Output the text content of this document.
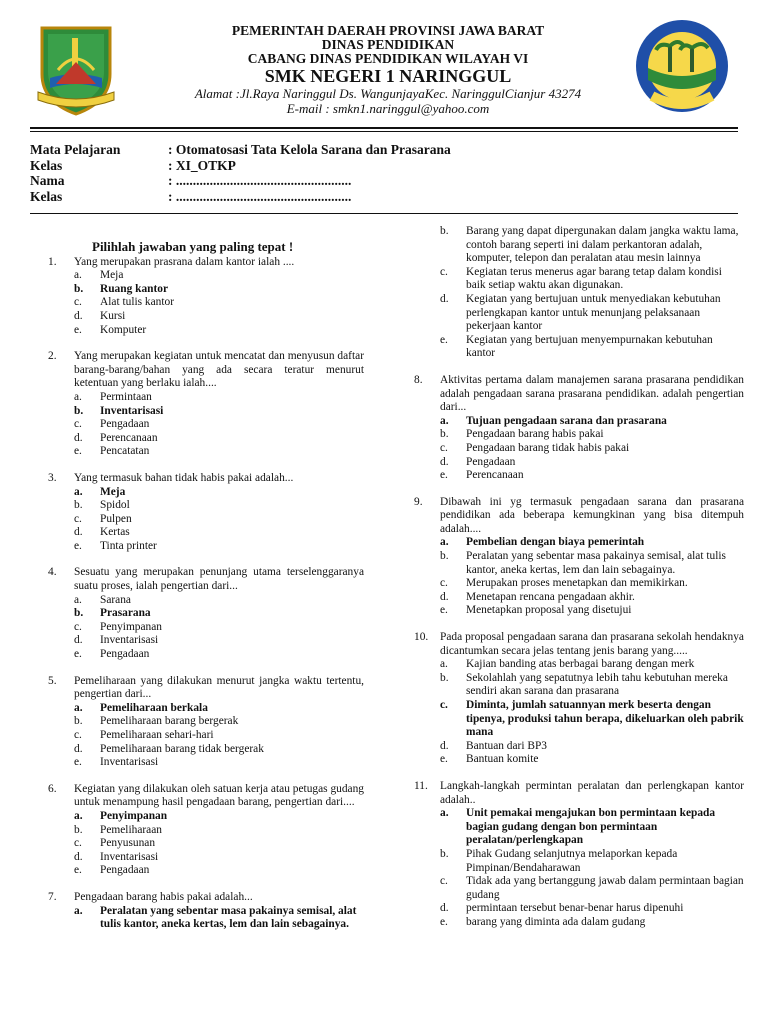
PEMERINTAH DAERAH PROVINSI JAWA BARAT
DINAS PENDIDIKAN
CABANG DINAS PENDIDIKAN WILAYAH VI
SMK NEGERI 1 NARINGGUL
Alamat :Jl.Raya Naringgul Ds. WangunjayaKec. NaringgulCianjur 43274
E-mail : smkn1.naringgul@yahoo.com
Mata Pelajaran	: Otomatosasi Tata Kelola Sarana dan Prasarana
Kelas	: XI_OTKP
Nama	: ....................................................
Kelas	: ....................................................
Pilihlah jawaban yang paling tepat !
1. Yang merupakan prasrana dalam kantor ialah ....
a. Meja
b. Ruang kantor
c. Alat tulis kantor
d. Kursi
e. Komputer
2. Yang merupakan kegiatan untuk mencatat dan menyusun daftar barang-barang/bahan yang ada secara teratur menurut ketentuan yang berlaku ialah....
a. Permintaan
b. Inventarisasi
c. Pengadaan
d. Perencanaan
e. Pencatatan
3. Yang termasuk bahan tidak habis pakai adalah...
a. Meja
b. Spidol
c. Pulpen
d. Kertas
e. Tinta printer
4. Sesuatu yang merupakan penunjang utama terselenggaranya suatu proses, ialah pengertian dari...
a. Sarana
b. Prasarana
c. Penyimpanan
d. Inventarisasi
e. Pengadaan
5. Pemeliharaan yang dilakukan menurut jangka waktu tertentu, pengertian dari...
a. Pemeliharaan berkala
b. Pemeliharaan barang bergerak
c. Pemeliharaan sehari-hari
d. Pemeliharaan barang tidak bergerak
e. Inventarisasi
6. Kegiatan yang dilakukan oleh satuan kerja atau petugas gudang untuk menampung hasil pengadaan barang, pengertian dari....
a. Penyimpanan
b. Pemeliharaan
c. Penyusunan
d. Inventarisasi
e. Pengadaan
7. Pengadaan barang habis pakai adalah...
a. Peralatan yang sebentar masa pakainya semisal, alat tulis kantor, aneka kertas, lem dan lain sebagainya.
b. Barang yang dapat dipergunakan dalam jangka waktu lama, contoh barang seperti ini dalam perkantoran adalah, komputer, telepon dan peralatan atau mesin lainnya
c. Kegiatan terus menerus agar barang tetap dalam kondisi baik setiap waktu akan digunakan.
d. Kegiatan yang bertujuan untuk menyediakan kebutuhan perlengkapan kantor untuk menunjang pelaksanaan pekerjaan kantor
e. Kegiatan yang bertujuan menyempurnakan kebutuhan kantor
8. Aktivitas pertama dalam manajemen sarana prasarana pendidikan adalah pengadaan sarana prasarana pendidikan. adalah pengertian dari...
a. Tujuan pengadaan sarana dan prasarana
b. Pengadaan barang habis pakai
c. Pengadaan barang tidak habis pakai
d. Pengadaan
e. Perencanaan
9. Dibawah ini yg termasuk pengadaan sarana dan prasarana pendidikan ada beberapa kemungkinan yang bisa ditempuh adalah....
a. Pembelian dengan biaya pemerintah
b. Peralatan yang sebentar masa pakainya semisal, alat tulis kantor, aneka kertas, lem dan lain sebagainya.
c. Merupakan proses menetapkan dan memikirkan.
d. Menetapan rencana pengadaan akhir.
e. Menetapkan proposal yang disetujui
10. Pada proposal pengadaan sarana dan prasarana sekolah hendaknya dicantumkan secara jelas tentang jenis barang yang.....
a. Kajian banding atas berbagai barang dengan merk
b. Sekolahlah yang sepatutnya lebih tahu kebutuhan mereka sendiri akan sarana dan prasarana
c. Diminta, jumlah satuannyan merk beserta dengan tipenya, produksi tahun berapa, dikeluarkan oleh pabrik mana
d. Bantuan dari BP3
e. Bantuan komite
11. Langkah-langkah permintan peralatan dan perlengkapan kantor adalah..
a. Unit pemakai mengajukan bon permintaan kepada bagian gudang dengan bon permintaan peralatan/perlengkapan
b. Pihak Gudang selanjutnya melaporkan kepada Pimpinan/Bendaharawan
c. Tidak ada yang bertanggung jawab dalam permintaan bagian gudang
d. permintaan tersebut benar-benar harus dipenuhi
e. barang yang diminta ada dalam gudang
